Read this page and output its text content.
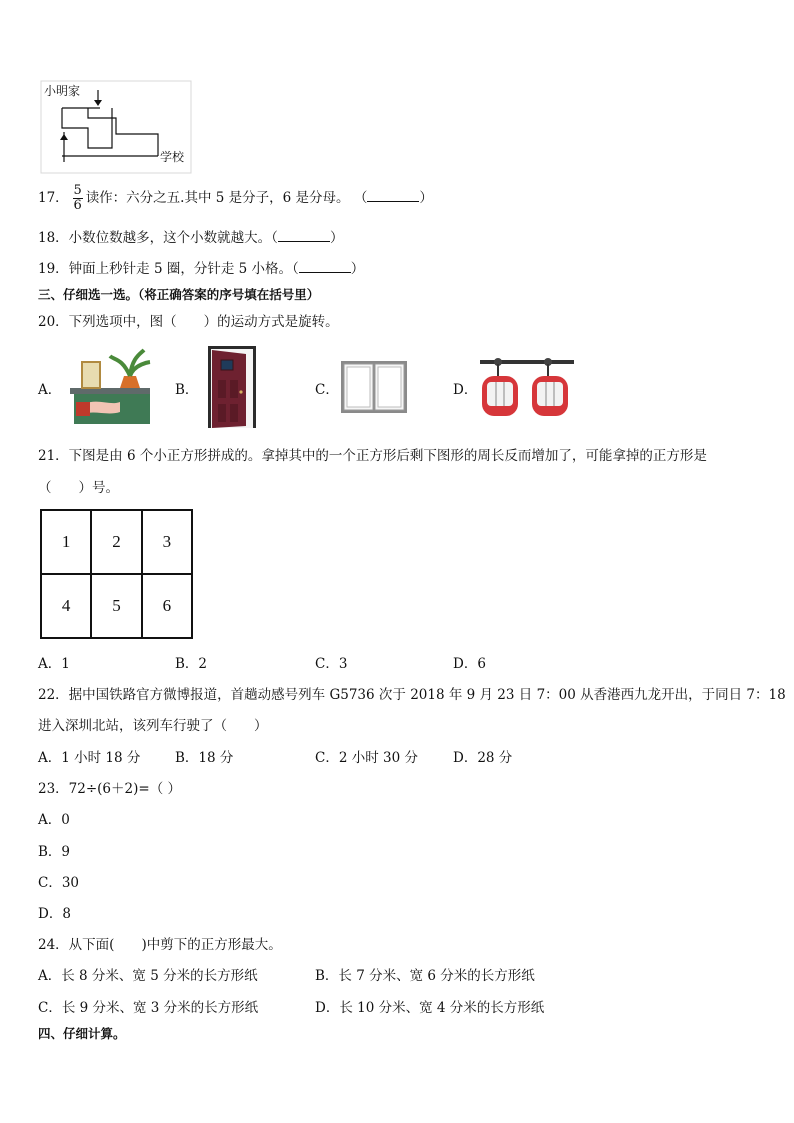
小明家
学校
17． $\frac{5}{6}$ 读作：六分之五.其中 5 是分子，6 是分母。 （	）
18．小数位数越多，这个小数就越大。（	）
19．钟面上秒针走 5 圈，分针走 5 小格。（	）
三、仔细选一选。（将正确答案的序号填在括号里）
20．下列选项中，图（　　）的运动方式是旋转。
A．	B．	C．	D．
21．下图是由 6 个小正方形拼成的。拿掉其中的一个正方形后剩下图形的周长反而增加了，可能拿掉的正方形是
（　　）号。
1	2	3
4	5	6
A．1	B．2	C．3	D．6
22．据中国铁路官方微博报道，首趟动感号列车 G5736 次于 2018 年 9 月 23 日 7：00 从香港西九龙开出，于同日 7：18
进入深圳北站，该列车行驶了（　　）
A．1 小时 18 分	B．18 分	C．2 小时 30 分	D．28 分
23．72÷(6＋2)=（ ）
A．0
B．9
C．30
D．8
24．从下面(　　)中剪下的正方形最大。
A．长 8 分米、宽 5 分米的长方形纸	B．长 7 分米、宽 6 分米的长方形纸
C．长 9 分米、宽 3 分米的长方形纸	D．长 10 分米、宽 4 分米的长方形纸
四、仔细计算。
